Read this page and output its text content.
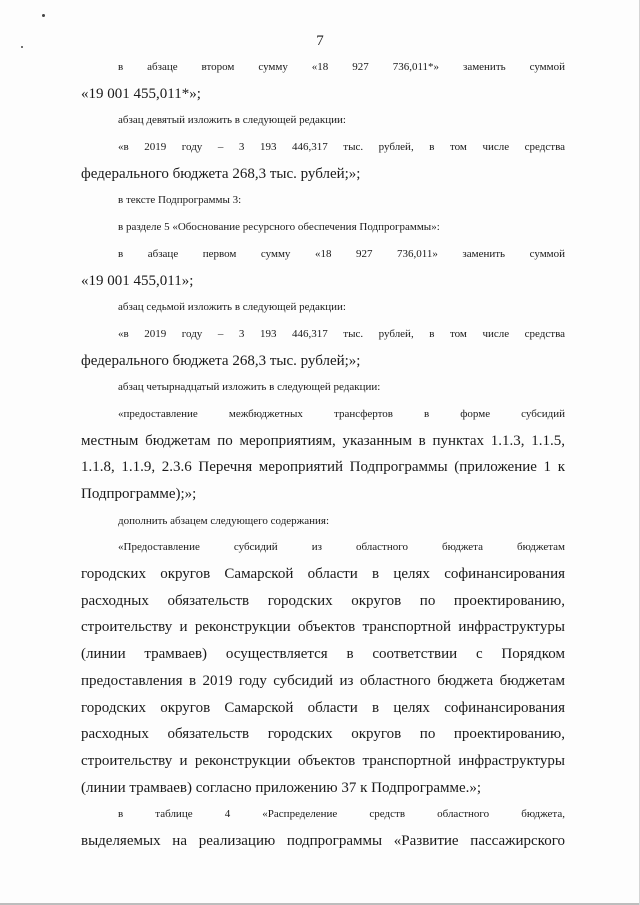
7
в абзаце втором сумму «18 927 736,011*» заменить суммой
«19 001 455,011*»;
абзац девятый изложить в следующей редакции:
«в 2019 году – 3 193 446,317 тыс. рублей, в том числе средства
федерального бюджета 268,3 тыс. рублей;»;
в тексте Подпрограммы 3:
в разделе 5 «Обоснование ресурсного обеспечения Подпрограммы»:
в абзаце первом сумму «18 927 736,011» заменить суммой
«19 001 455,011»;
абзац седьмой изложить в следующей редакции:
«в 2019 году – 3 193 446,317 тыс. рублей, в том числе средства
федерального бюджета 268,3 тыс. рублей;»;
абзац четырнадцатый изложить в следующей редакции:
«предоставление межбюджетных трансфертов в форме субсидий
местным бюджетам по мероприятиям, указанным в пунктах 1.1.3, 1.1.5,
1.1.8, 1.1.9, 2.3.6 Перечня мероприятий Подпрограммы (приложение 1 к
Подпрограмме);»;
дополнить абзацем следующего содержания:
«Предоставление субсидий из областного бюджета бюджетам
городских округов Самарской области в целях софинансирования
расходных обязательств городских округов по проектированию,
строительству и реконструкции объектов транспортной инфраструктуры
(линии трамваев) осуществляется в соответствии с Порядком
предоставления в 2019 году субсидий из областного бюджета бюджетам
городских округов Самарской области в целях софинансирования
расходных обязательств городских округов по проектированию,
строительству и реконструкции объектов транспортной инфраструктуры
(линии трамваев) согласно приложению 37 к Подпрограмме.»;
в таблице 4 «Распределение средств областного бюджета,
выделяемых на реализацию подпрограммы «Развитие пассажирского
